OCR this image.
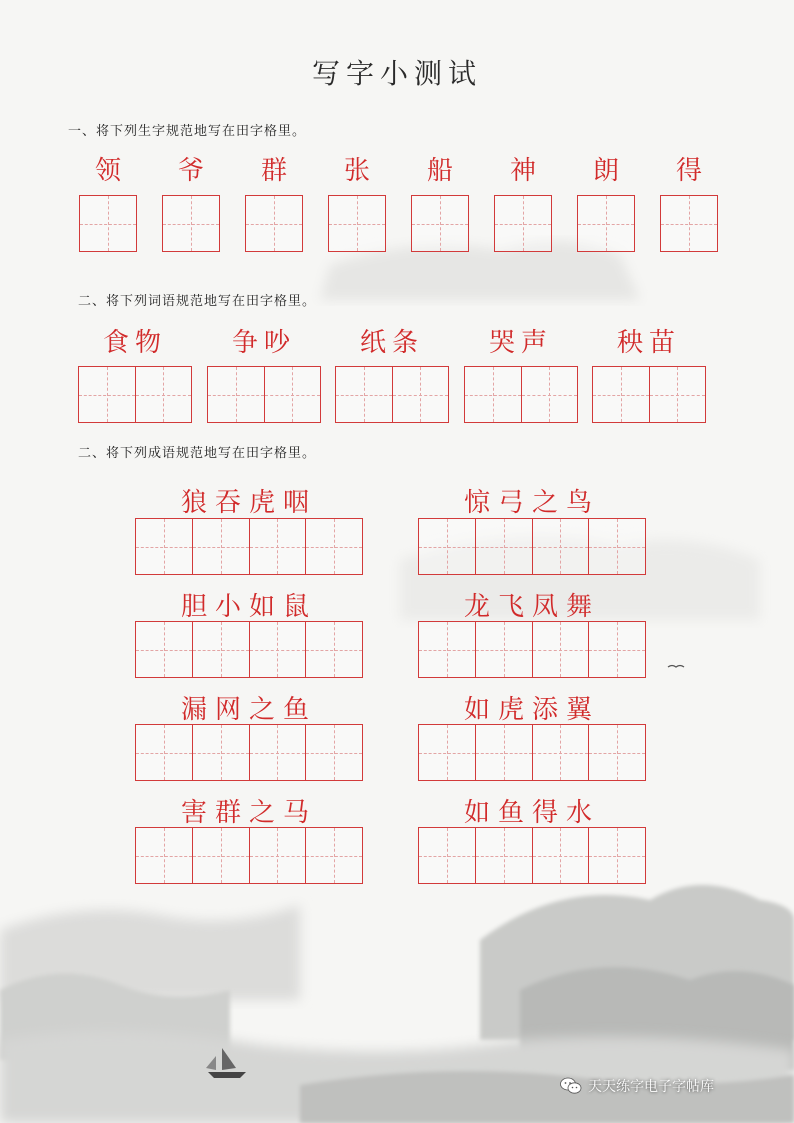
写字小测试
一、将下列生字规范地写在田字格里。
领	爷	群	张	船	神	朗	得
二、将下列词语规范地写在田字格里。
食物	争吵	纸条	哭声	秧苗
二、将下列成语规范地写在田字格里。
狼吞虎咽	惊弓之鸟
胆小如鼠	龙飞凤舞
漏网之鱼	如虎添翼
害群之马	如鱼得水
天天练字电子字帖库
